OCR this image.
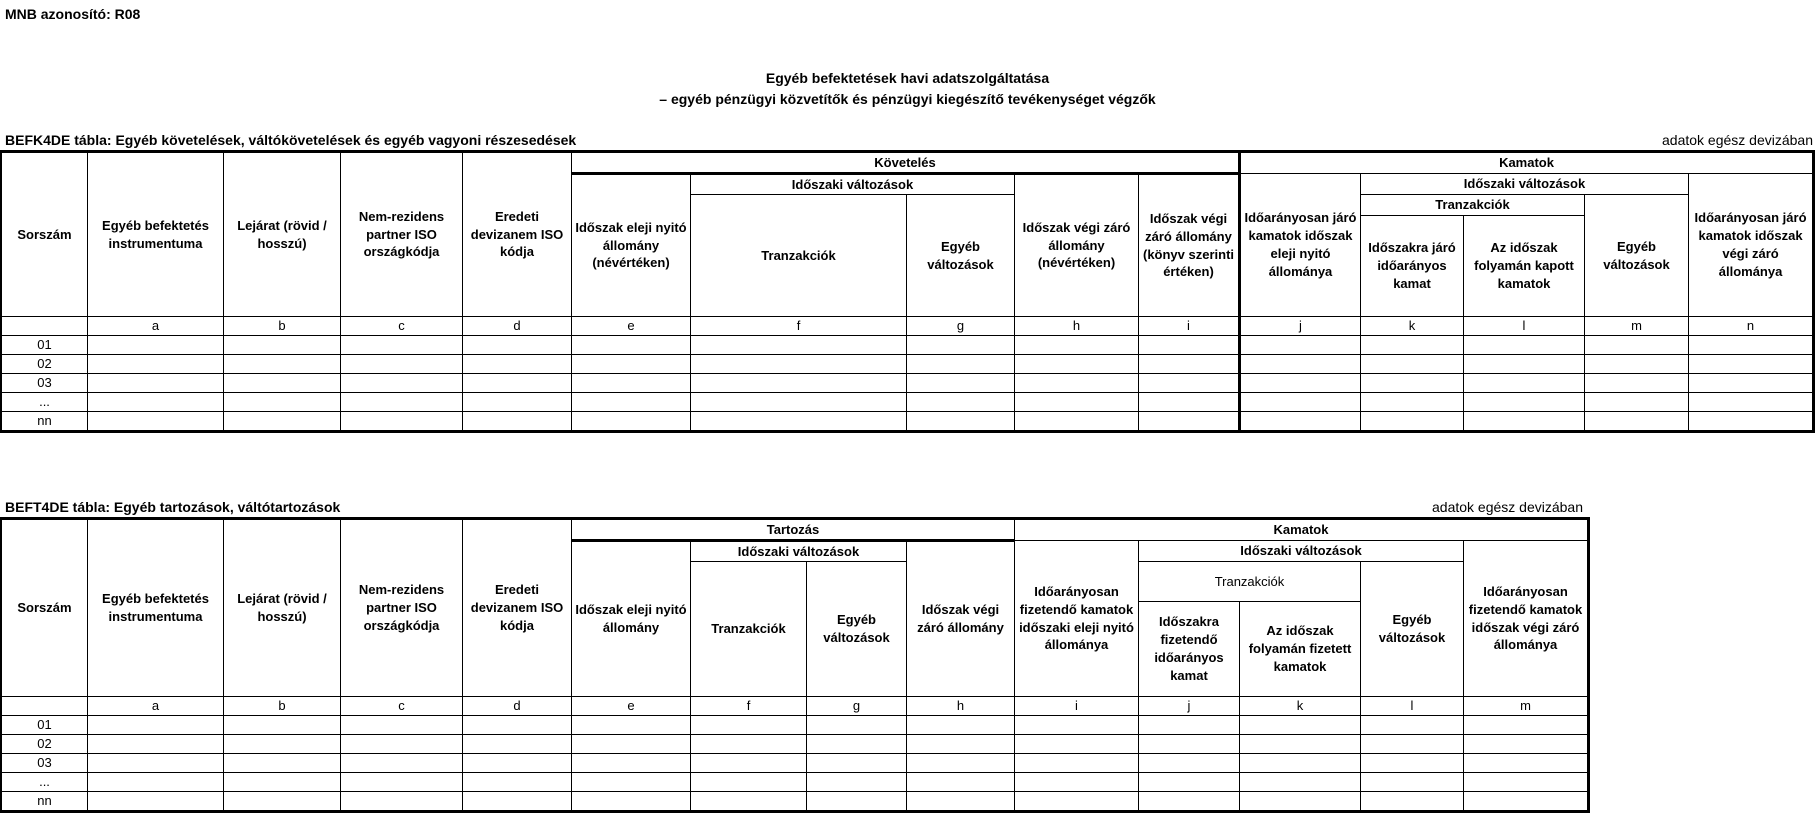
MNB azonosító: R08
Egyéb befektetések havi adatszolgáltatása
– egyéb pénzügyi közvetítők és pénzügyi kiegészítő tevékenységet végzők
BEFK4DE tábla: Egyéb követelések, váltókövetelések és egyéb vagyoni részesedések	adatok egész devizában
Sorszám	Egyéb befektetés instrumentuma	Lejárat (rövid / hosszú)	Nem-rezidens partner ISO országkódja	Eredeti devizanem ISO kódja	Követelés					Kamatok				
					Időszak eleji nyitó állomány (névértéken)	Időszaki változások		Időszak végi záró állomány (névértéken)	Időszak végi záró állomány (könyv szerinti értéken)	Időarányosan járó kamatok időszak eleji nyitó állománya	Időszaki változások			Időarányosan járó kamatok időszak végi záró állománya
						Tranzakciók	Egyéb változások				Tranzakciók		Egyéb változások	
											Időszakra járó időarányos kamat	Az időszak folyamán kapott kamatok		
	a	b	c	d	e	f	g	h	i	j	k	l	m	n
01														
02														
03														
...														
nn														
BEFT4DE tábla: Egyéb tartozások, váltótartozások	adatok egész devizában
Sorszám	Egyéb befektetés instrumentuma	Lejárat (rövid / hosszú)	Nem-rezidens partner ISO országkódja	Eredeti devizanem ISO kódja	Tartozás				Kamatok				
					Időszak eleji nyitó állomány	Időszaki változások		Időszak végi záró állomány	Időarányosan fizetendő kamatok időszaki eleji nyitó állománya	Időszaki változások			Időarányosan fizetendő kamatok időszak végi záró állománya
						Tranzakciók	Egyéb változások			Tranzakciók		Egyéb változások	
										Időszakra fizetendő időarányos kamat	Az időszak folyamán fizetett kamatok		
	a	b	c	d	e	f	g	h	i	j	k	l	m
01													
02													
03													
...													
nn													
